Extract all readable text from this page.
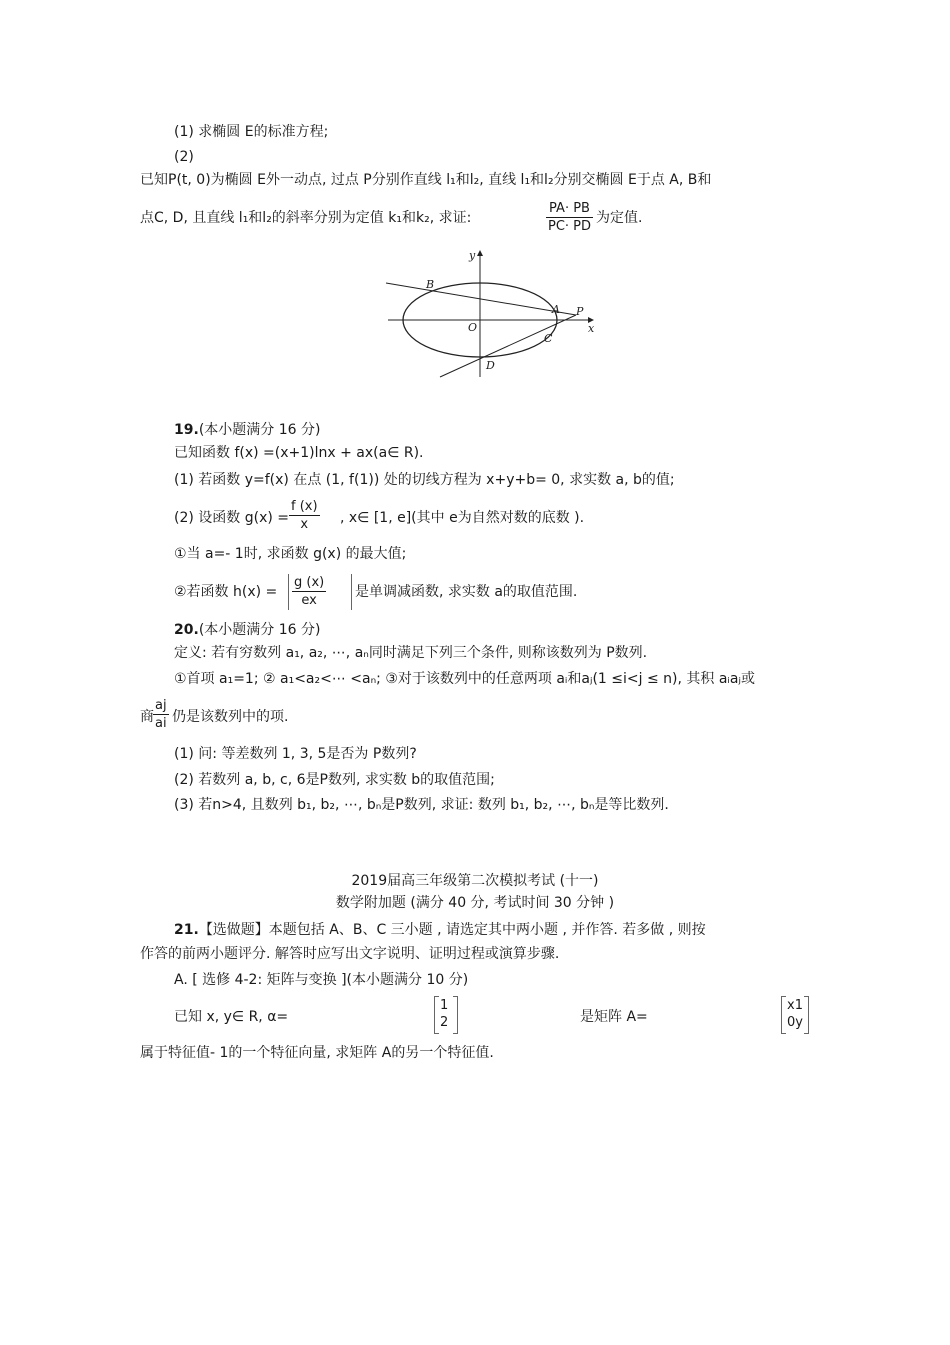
(1) 求椭圆 E的标准方程;
(2)
已知P(t, 0)为椭圆 E外一动点, 过点 P分别作直线 l₁和l₂, 直线 l₁和l₂分别交椭圆 E于点 A, B和
点C, D, 且直线 l₁和l₂的斜率分别为定值 k₁和k₂, 求证:	$\frac{PA\cdot PB}{PC\cdot PD}$ 为定值.
y
x
O
A
B
C
D
P
19.(本小题满分 16 分)
已知函数 f(x) =(x+1)lnx + ax(a∈ R).
(1) 若函数 y=f(x) 在点 (1, f(1)) 处的切线方程为 x+y+b= 0, 求实数 a, b的值;
(2) 设函数 $g(x) = \frac{f (x)}{x}$ , x∈ [1, e](其中 e为自然对数的底数 ).
①当 a=- 1时, 求函数 g(x) 的最大值;
②若函数 $h(x) = \frac{g (x)}{ex}$ 是单调减函数, 求实数 a的取值范围.
20.(本小题满分 16 分)
定义: 若有穷数列 a₁, a₂, ⋯, aₙ同时满足下列三个条件, 则称该数列为 P数列.
①首项 a₁=1; ② a₁<a₂<⋯ <aₙ; ③对于该数列中的任意两项 aᵢ和aⱼ(1 ≤i<j ≤ n), 其积 aᵢaⱼ或
商 $\frac{aj}{ai}$ 仍是该数列中的项.
(1) 问: 等差数列 1, 3, 5是否为 P数列?
(2) 若数列 a, b, c, 6是P数列, 求实数 b的取值范围;
(3) 若n>4, 且数列 b₁, b₂, ⋯, bₙ是P数列, 求证: 数列 b₁, b₂, ⋯, bₙ是等比数列.
2019届高三年级第二次模拟考试 (十一)
数学附加题 (满分 40 分, 考试时间 30 分钟 )
21.【选做题】本题包括 A、B、C 三小题 , 请选定其中两小题 , 并作答. 若多做 , 则按
作答的前两小题评分. 解答时应写出文字说明、证明过程或演算步骤.
A. [ 选修 4-2: 矩阵与变换 ](本小题满分 10 分)
已知 x, y∈ R, α=
1
2	是矩阵 A=
x1
0y
属于特征值- 1的一个特征向量, 求矩阵 A的另一个特征值.
